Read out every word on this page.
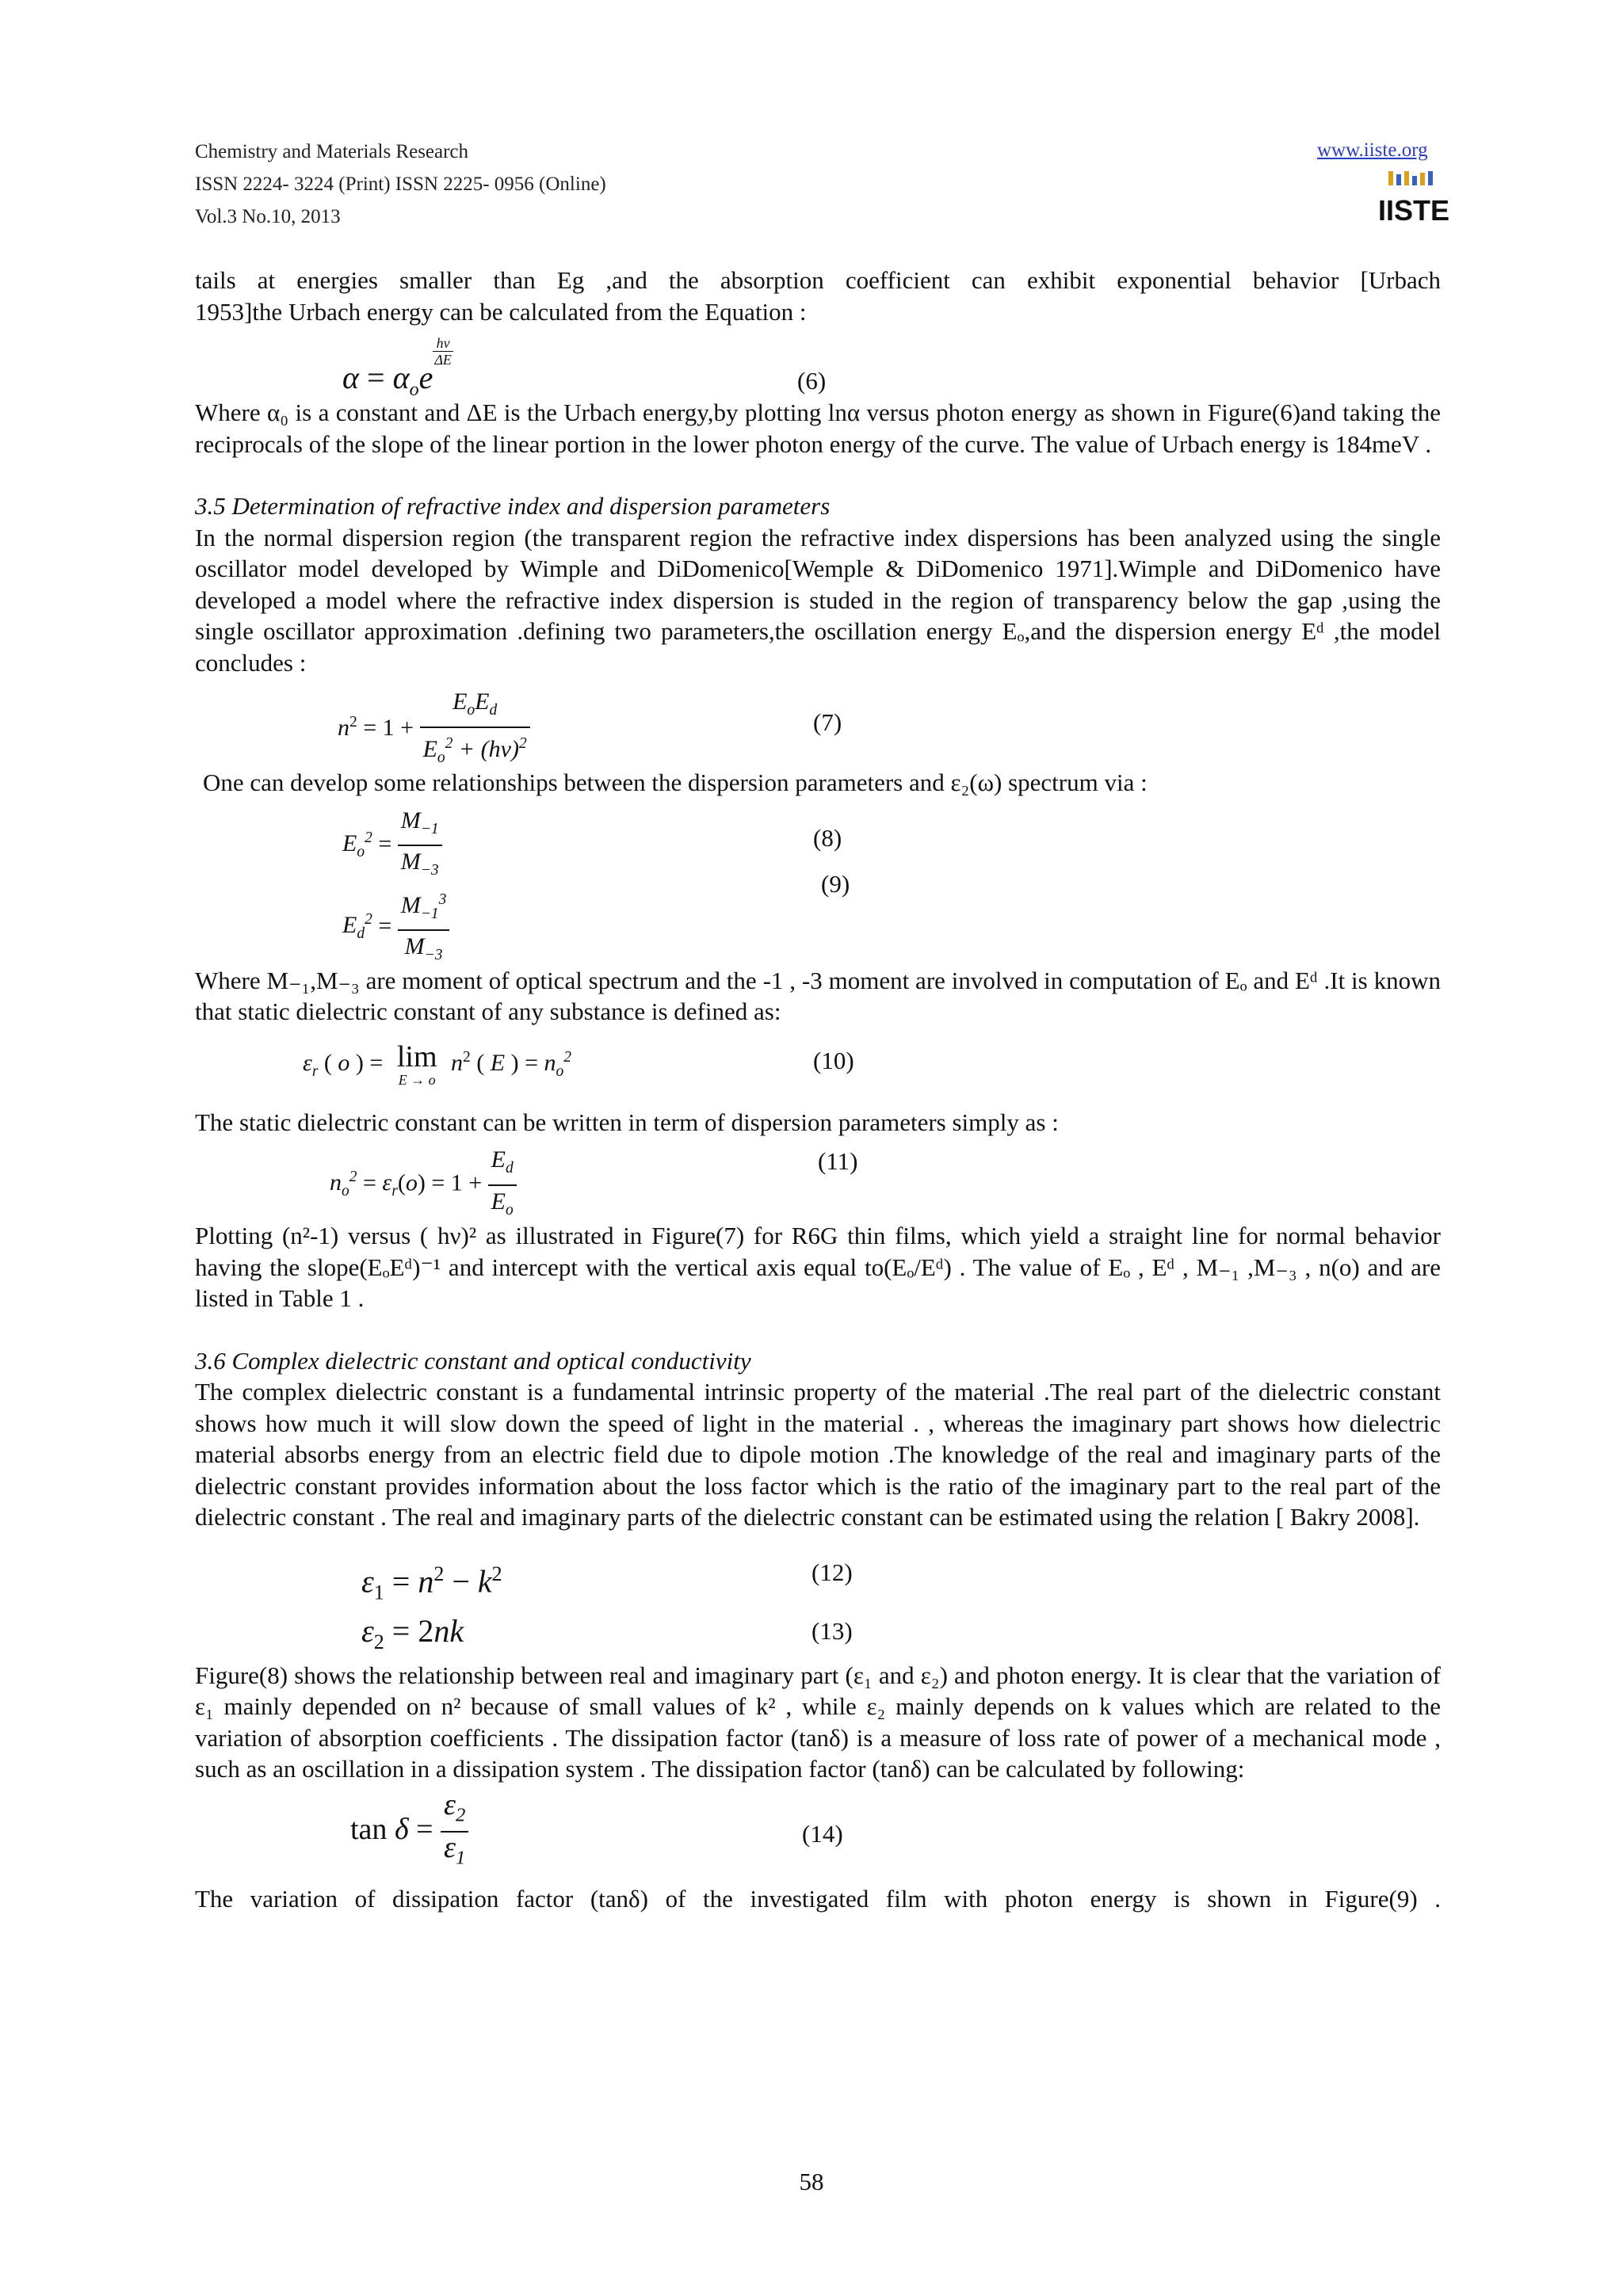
Chemistry and Materials Research
ISSN 2224- 3224 (Print) ISSN 2225- 0956 (Online)
Vol.3 No.10, 2013
www.iiste.org
IISTE

tails at energies smaller than Eg ,and the absorption coefficient can exhibit exponential behavior [Urbach

1953]the Urbach energy can be calculated from the Equation :

$\alpha = \alpha_oe$
$\frac{h\nu}{\Delta E}$
(6)

Where α₀ is a constant and ΔE is the Urbach energy,by plotting lnα versus photon energy as shown in Figure(6)and taking the reciprocals of the slope of the linear portion in the lower photon energy of the curve. The value of Urbach energy is 184meV .

3.5 Determination of refractive index and dispersion parameters

In the normal dispersion region (the transparent region the refractive index dispersions has been analyzed using the single oscillator model developed by Wimple and DiDomenico[Wemple & DiDomenico 1971].Wimple and DiDomenico have developed a model where the refractive index dispersion is studed in the region of transparency below the gap ,using the single oscillator approximation .defining two parameters,the oscillation energy Eₒ,and the dispersion energy Eᵈ ,the model concludes :

$n^2 = 1 + \frac{E_oE_d}{E_o^2 + (h\nu)^2}$	(7)

One can develop some relationships between the dispersion parameters and ε₂(ω) spectrum via :

$E_o^2 = \frac{M_{-1}}{M_{-3}}$	(8)
(9)
$E_d^2 = \frac{M_{-1}^3}{M_{-3}}$

Where M₋₁,M₋₃ are moment of optical spectrum and the -1 , -3 moment are involved in computation of Eₒ and Eᵈ .It is known that static dielectric constant of any substance is defined as:

$\varepsilon_r$ ( o ) = lim
E → o
$n^2$ ( E ) = $n_o^2$	(10)

The static dielectric constant can be written in term of dispersion parameters simply as :

$n_o^2 = \varepsilon_r(o) = 1 + \frac{E_d}{E_o}$	(11)

Plotting (n²-1) versus ( hν)² as illustrated in Figure(7) for R6G thin films, which yield a straight line for normal behavior having the slope(EₒEᵈ)⁻¹ and intercept with the vertical axis equal to(Eₒ/Eᵈ) . The value of Eₒ , Eᵈ , M₋₁ ,M₋₃ , n(o) and are listed in Table 1 .

3.6 Complex dielectric constant and optical conductivity

The complex dielectric constant is a fundamental intrinsic property of the material .The real part of the dielectric constant shows how much it will slow down the speed of light in the material . , whereas the imaginary part shows how dielectric material absorbs energy from an electric field due to dipole motion .The knowledge of the real and imaginary parts of the dielectric constant provides information about the loss factor which is the ratio of the imaginary part to the real part of the dielectric constant . The real and imaginary parts of the dielectric constant can be estimated using the relation [ Bakry 2008].

$\varepsilon_1 = n^2 - k^2$	(12)
$\varepsilon_2 = 2nk$	(13)

Figure(8) shows the relationship between real and imaginary part (ε₁ and ε₂) and photon energy. It is clear that the variation of ε₁ mainly depended on n² because of small values of k² , while ε₂ mainly depends on k values which are related to the variation of absorption coefficients . The dissipation factor (tanδ) is a measure of loss rate of power of a mechanical mode , such as an oscillation in a dissipation system . The dissipation factor (tanδ) can be calculated by following:

$\tan \delta = \frac{\varepsilon_2}{\varepsilon_1}$	(14)

The variation of dissipation factor (tanδ) of the investigated film with photon energy is shown in Figure(9) .

58
